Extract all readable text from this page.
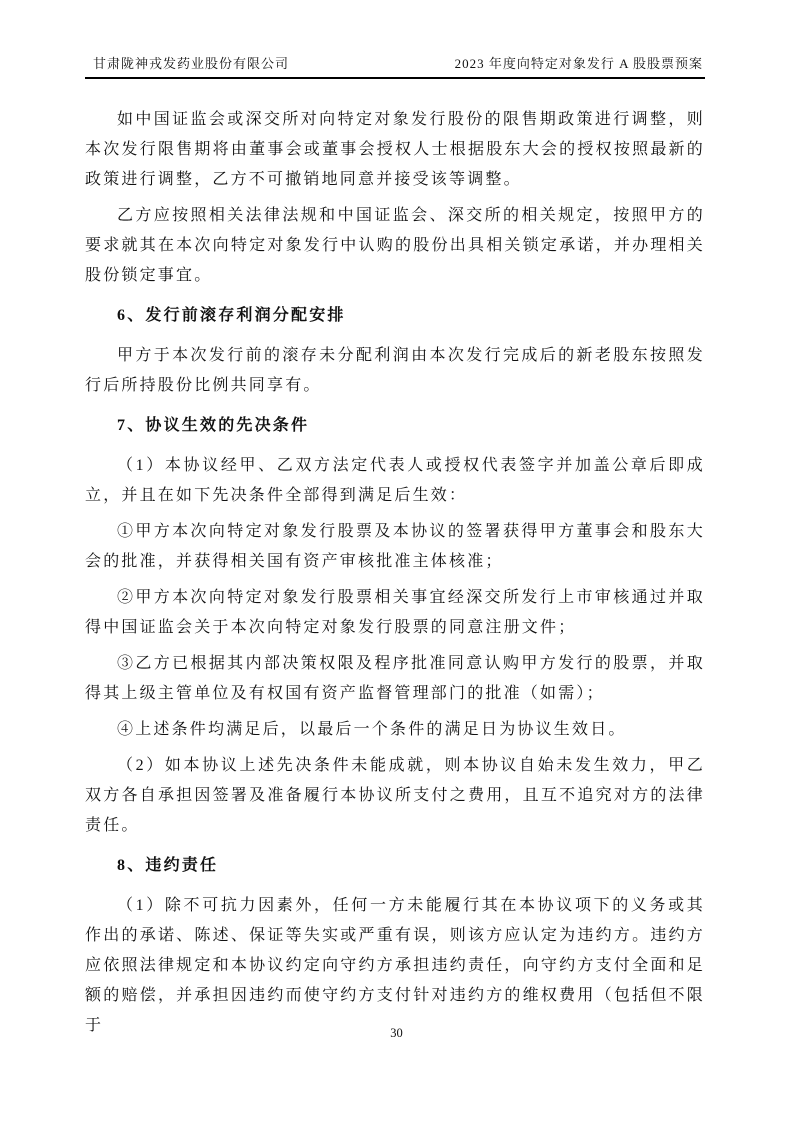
甘肃陇神戎发药业股份有限公司	2023 年度向特定对象发行 A 股股票预案

如中国证监会或深交所对向特定对象发行股份的限售期政策进行调整，则本次发行限售期将由董事会或董事会授权人士根据股东大会的授权按照最新的政策进行调整，乙方不可撤销地同意并接受该等调整。

乙方应按照相关法律法规和中国证监会、深交所的相关规定，按照甲方的要求就其在本次向特定对象发行中认购的股份出具相关锁定承诺，并办理相关股份锁定事宜。

6、发行前滚存利润分配安排

甲方于本次发行前的滚存未分配利润由本次发行完成后的新老股东按照发行后所持股份比例共同享有。

7、协议生效的先决条件

（1）本协议经甲、乙双方法定代表人或授权代表签字并加盖公章后即成立，并且在如下先决条件全部得到满足后生效：

①甲方本次向特定对象发行股票及本协议的签署获得甲方董事会和股东大会的批准，并获得相关国有资产审核批准主体核准；

②甲方本次向特定对象发行股票相关事宜经深交所发行上市审核通过并取得中国证监会关于本次向特定对象发行股票的同意注册文件；

③乙方已根据其内部决策权限及程序批准同意认购甲方发行的股票，并取得其上级主管单位及有权国有资产监督管理部门的批准（如需）；

④上述条件均满足后，以最后一个条件的满足日为协议生效日。

（2）如本协议上述先决条件未能成就，则本协议自始未发生效力，甲乙双方各自承担因签署及准备履行本协议所支付之费用，且互不追究对方的法律责任。

8、违约责任

（1）除不可抗力因素外，任何一方未能履行其在本协议项下的义务或其作出的承诺、陈述、保证等失实或严重有误，则该方应认定为违约方。违约方应依照法律规定和本协议约定向守约方承担违约责任，向守约方支付全面和足额的赔偿，并承担因违约而使守约方支付针对违约方的维权费用（包括但不限于	30
